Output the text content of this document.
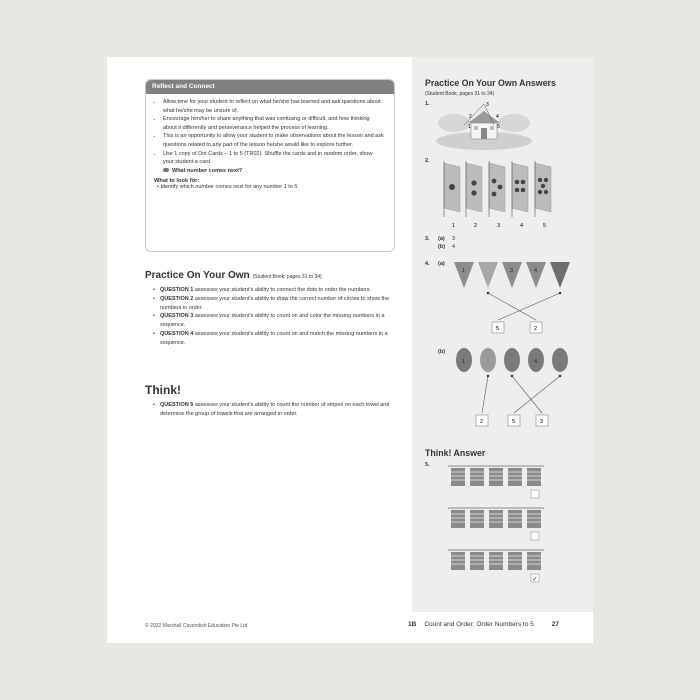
Practice On Your Own Answers
(Student Book, pages 31 to 34)
1.	3
2
1
4
5
2.
1	2	3	4	5
3. (a) 3
(b) 4
4. (a)
1	3	4
5	2
(b)
1	4
2	5	3
Think! Answer
5.
✓
Reflect and Connect
• Allow time for your student to reflect on what he/she has learned and ask questions about what he/she may be unsure of.
• Encourage him/her to share anything that was confusing or difficult, and how thinking about it differently and perseverance helped the process of learning.
• This is an opportunity to allow your student to make observations about the lesson and ask questions related to any part of the lesson he/she would like to explore further.
• Use 1 copy of Dot Cards – 1 to 5 (TR02). Shuffle the cards and in random order, show your student a card.
What number comes next?
What to look for:
• Identify which number comes next for any number 1 to 5
Practice On Your Own (Student Book, pages 31 to 34)
• QUESTION 1 assesses your student's ability to connect the dots to order the numbers.
• QUESTION 2 assesses your student's ability to draw the correct number of circles to show the numbers in order.
• QUESTION 3 assesses your student's ability to count on and color the missing numbers in a sequence.
• QUESTION 4 assesses your student's ability to count on and match the missing numbers in a sequence.
Think!
• QUESTION 5 assesses your student's ability to count the number of stripes on each towel and determine the group of towels that are arranged in order.
© 2022 Marshall Cavendish Education Pte Ltd	1B Count and Order: Order Numbers to 5	27
